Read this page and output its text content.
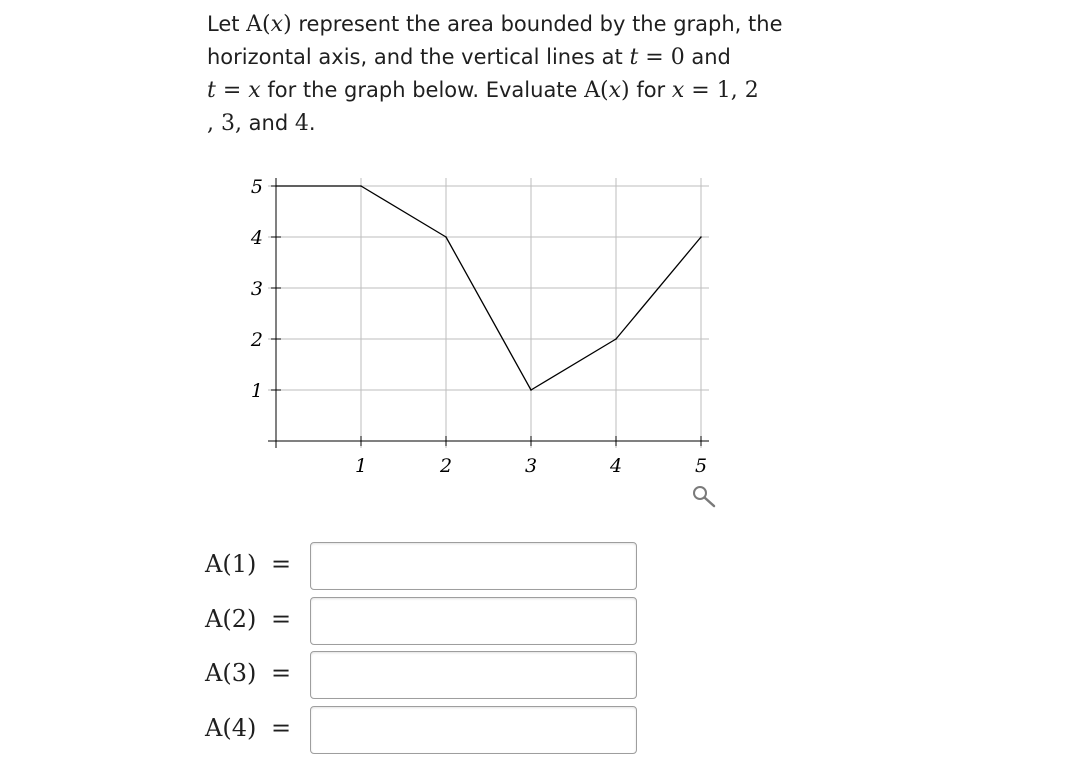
Let A(x) represent the area bounded by the graph, the
horizontal axis, and the vertical lines at t = 0 and
t = x for the graph below. Evaluate A(x) for x = 1, 2
, 3, and 4.
1	2	3	4	5
1
2
3
4
5
A(1) =
A(2) =
A(3) =
A(4) =
